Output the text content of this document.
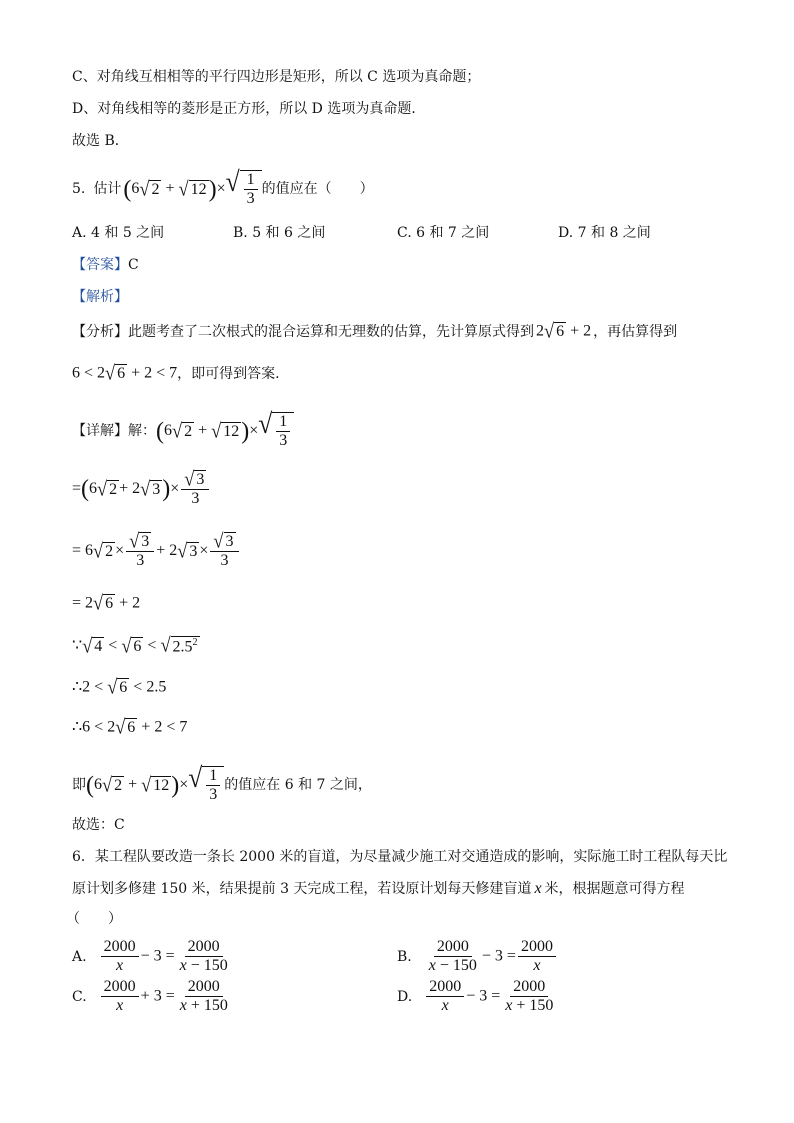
C、对角线互相相等的平行四边形是矩形，所以 C 选项为真命题；
D、对角线相等的菱形是正方形，所以 D 选项为真命题．
故选 B．
5. 估计 (6 √ 2 + √ 12 )× √ $\frac{1}{3}$ 的值应在（　　）
A. 4 和 5 之间	B. 5 和 6 之间	C. 6 和 7 之间	D. 7 和 8 之间
【答案】C
【解析】
【分析】 此题考查了二次根式的混合运算和无理数的估算，先计算原式得到 2 √ 6 + 2 ，再估算得到
6 < 2 √ 6 + 2 < 7 ，即可得到答案.
【详解】 解： (6 √ 2 + √ 12 )× √ $\frac{1}{3}$
= ( 6 √ 2 + 2 √ 3 ) × $\frac{√ 3}{3}$
= 6 √ $2 \times \frac{√ 3}{3} + 2$ √ $3 \times \frac{√ 3}{3}$
= 2 √ 6 + 2
∵ √ 4 < √ 6 < √ $2.5^2$
∴2 < √ 6 < 2.5
∴6 < 2 √ 6 + 2 < 7
即 (6 √ 2 + √ 12 )× √ $\frac{1}{3}$ 的值应在 6 和 7 之间，
故选：C
6．某工程队要改造一条长 2000 米的盲道，为尽量减少施工对交通造成的影响，实际施工时工程队每天比
原计划多修建 150 米，结果提前 3 天完成工程，若设原计划每天修建盲道 x 米，根据题意可得方程
（　　）
A. $\frac{2000}{x} - 3 = \frac{2000}{x - 150}$	B. $\frac{2000}{x - 150} - 3 = \frac{2000}{x}$
C. $\frac{2000}{x} + 3 = \frac{2000}{x + 150}$	D. $\frac{2000}{x} - 3 = \frac{2000}{x + 150}$
